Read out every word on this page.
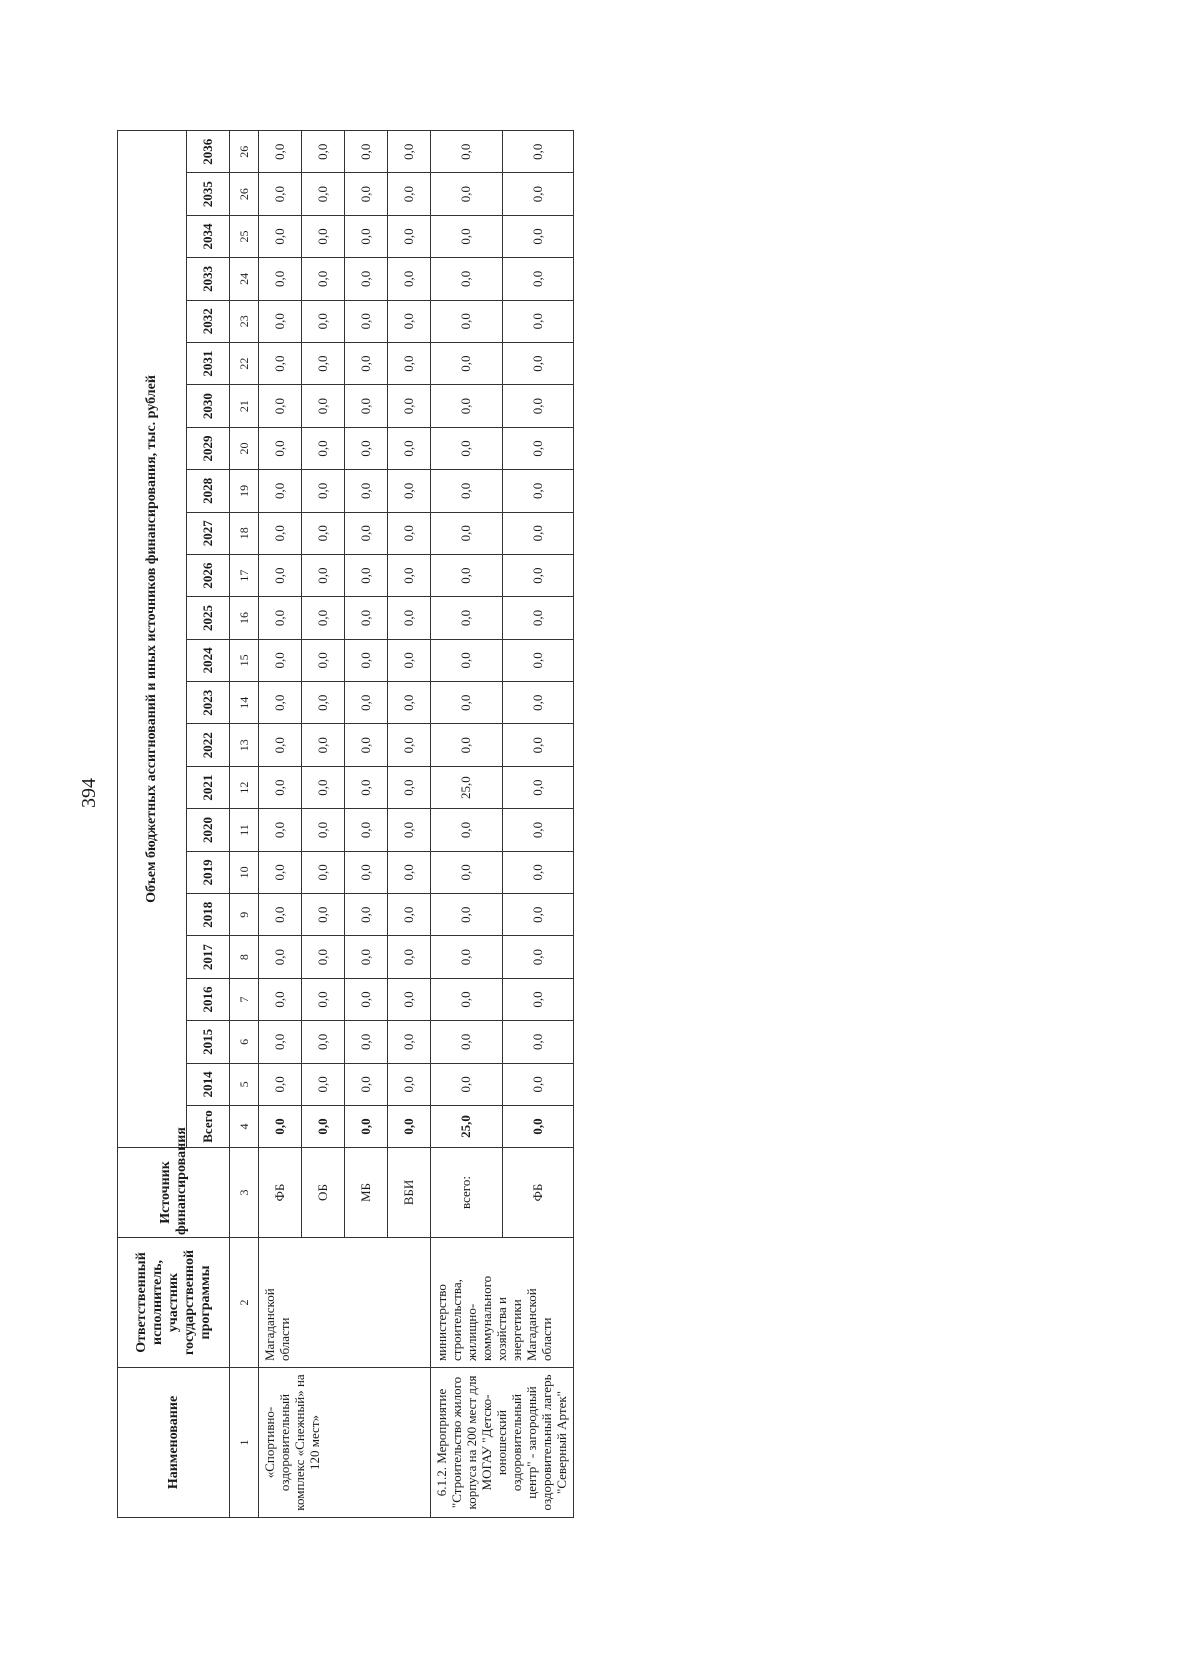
394
Наименование	Ответственный исполнитель, участник государственной программы	Источник финансирования	Объем бюджетных ассигнований и иных источников финансирования, тыс. рублей																							
			Всего	2014	2015	2016	2017	2018	2019	2020	2021	2022	2023	2024	2025	2026	2027	2028	2029	2030	2031	2032	2033	2034	2035	2036
1	2	3	4	5	6	7	8	9	10	11	12	13	14	15	16	17	18	19	20	21	22	23	24	25	26	26
«Спортивно-оздоровительный комплекс «Снежный» на 120 мест»	Магаданской области	ФБ	0,0	0,0	0,0	0,0	0,0	0,0	0,0	0,0	0,0	0,0	0,0	0,0	0,0	0,0	0,0	0,0	0,0	0,0	0,0	0,0	0,0	0,0	0,0	0,0
		ОБ	0,0	0,0	0,0	0,0	0,0	0,0	0,0	0,0	0,0	0,0	0,0	0,0	0,0	0,0	0,0	0,0	0,0	0,0	0,0	0,0	0,0	0,0	0,0	0,0
		МБ	0,0	0,0	0,0	0,0	0,0	0,0	0,0	0,0	0,0	0,0	0,0	0,0	0,0	0,0	0,0	0,0	0,0	0,0	0,0	0,0	0,0	0,0	0,0	0,0
		ВБИ	0,0	0,0	0,0	0,0	0,0	0,0	0,0	0,0	0,0	0,0	0,0	0,0	0,0	0,0	0,0	0,0	0,0	0,0	0,0	0,0	0,0	0,0	0,0	0,0
6.1.2. Мероприятие "Строительство жилого корпуса на 200 мест для МОГАУ "Детско-юношеский оздоровительный центр" - загородный оздоровительный лагерь "Северный Артек"	министерство строительства, жилищно-коммунального хозяйства и энергетики Магаданской области	всего:	25,0	0,0	0,0	0,0	0,0	0,0	0,0	0,0	25,0	0,0	0,0	0,0	0,0	0,0	0,0	0,0	0,0	0,0	0,0	0,0	0,0	0,0	0,0	0,0
		ФБ	0,0	0,0	0,0	0,0	0,0	0,0	0,0	0,0	0,0	0,0	0,0	0,0	0,0	0,0	0,0	0,0	0,0	0,0	0,0	0,0	0,0	0,0	0,0	0,0
